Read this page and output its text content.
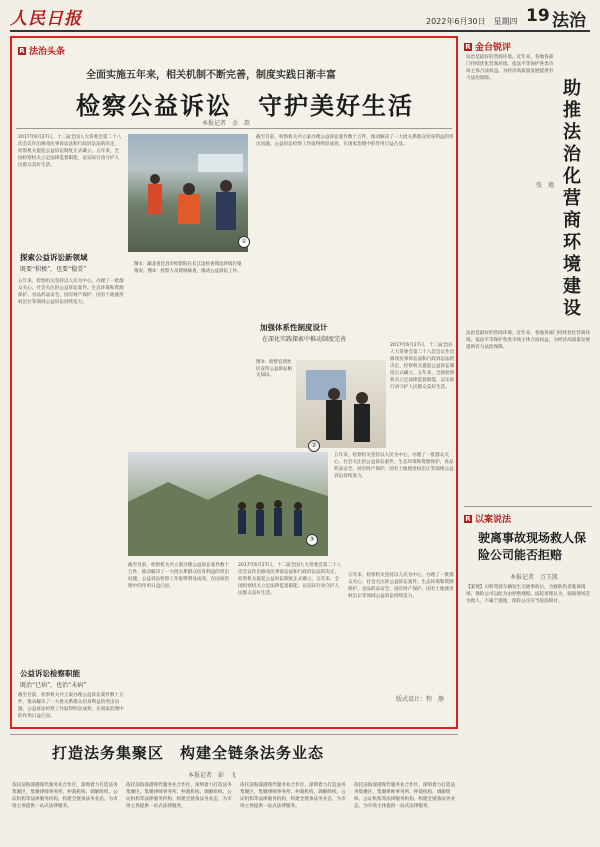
人民日报	2022年6月30日　星期四 19 法治
R 法治头条
全面实施五年来，相关机制不断完善，制度实践日渐丰富
检察公益诉讼　守护美好生活
本报记者　金　歆
2017年6月27日，十二届全国人大常委会第二十八次会议作出修改民事诉讼法和行政诉讼法的决定，检察机关提起公益诉讼制度正式确立。五年来，全国检察机关立足法律监督职能，以实际行动守护人民群众美好生活。
①
探索公益诉讼新领域
既要“积极”，也要“稳妥”
五年来，检察机关坚持以人民为中心，办理了一批群众关心、社会关注的公益诉讼案件。生态环境和资源保护、食品药品安全、国有财产保护、国有土地使用权出让等领域公益诉讼持续发力。
图①：湖北省宜昌市检察院在长江边检查周边环境污染情况。图②：检察人员现场核查，推动公益诉讼工作。
截至目前，检察机关共立案办理公益诉讼案件数十万件，推动解决了一大批关系群众切身利益的突出问题，公益诉讼检察工作取得明显成效，在国家治理中的作用日益凸显。
加强体系性制度设计
在深化实践探索中推动制度完善
②
图③：检察官到社区宣传公益诉讼相关知识。
2017年6月27日，十二届全国人大常委会第二十八次会议作出修改民事诉讼法和行政诉讼法的决定，检察机关提起公益诉讼制度正式确立。五年来，全国检察机关立足法律监督职能，以实际行动守护人民群众美好生活。
③
五年来，检察机关坚持以人民为中心，办理了一批群众关心、社会关注的公益诉讼案件。生态环境和资源保护、食品药品安全、国有财产保护、国有土地使用权出让等领域公益诉讼持续发力。
截至目前，检察机关共立案办理公益诉讼案件数十万件，推动解决了一大批关系群众切身利益的突出问题，公益诉讼检察工作取得明显成效，在国家治理中的作用日益凸显。
2017年6月27日，十二届全国人大常委会第二十八次会议作出修改民事诉讼法和行政诉讼法的决定，检察机关提起公益诉讼制度正式确立。五年来，全国检察机关立足法律监督职能，以实际行动守护人民群众美好生活。
五年来，检察机关坚持以人民为中心，办理了一批群众关心、社会关注的公益诉讼案件。生态环境和资源保护、食品药品安全、国有财产保护、国有土地使用权出让等领域公益诉讼持续发力。
版式设计：程　静
公益诉讼检察职能
既治“已病”，也治“未病”
截至目前，检察机关共立案办理公益诉讼案件数十万件，推动解决了一大批关系群众切身利益的突出问题，公益诉讼检察工作取得明显成效，在国家治理中的作用日益凸显。
R 金台锐评
助推法治化营商环境建设
张　璁
法治是最好的营商环境。近年来，各地各部门持续优化营商环境，依法平等保护各类市场主体合法权益，为经济高质量发展提供有力法治保障。
法治是最好的营商环境。近年来，各地各部门持续优化营商环境，依法平等保护各类市场主体合法权益，为经济高质量发展提供有力法治保障。
R 以案说法
驶离事故现场救人保险公司能否拒赔
本报记者　万玉凯
【案情】司机驾驶车辆发生交通事故后，为救助伤者驶离现场，保险公司以此为由拒绝理赔。法院审理认为，驶离现场是为救人，不属于逃逸，保险公司应当依法赔付。
打造法务集聚区　构建全链条法务业态
本报记者　彭　飞
依托前海深港现代服务业合作区，深圳着力打造法务集聚区，集聚律师事务所、仲裁机构、调解组织、公证机构等法律服务机构，构建全链条法务业态，为市场主体提供一站式法律服务。
依托前海深港现代服务业合作区，深圳着力打造法务集聚区，集聚律师事务所、仲裁机构、调解组织、公证机构等法律服务机构，构建全链条法务业态，为市场主体提供一站式法律服务。
依托前海深港现代服务业合作区，深圳着力打造法务集聚区，集聚律师事务所、仲裁机构、调解组织、公证机构等法律服务机构，构建全链条法务业态，为市场主体提供一站式法律服务。
依托前海深港现代服务业合作区，深圳着力打造法务集聚区，集聚律师事务所、仲裁机构、调解组织、公证机构等法律服务机构，构建全链条法务业态，为市场主体提供一站式法律服务。
